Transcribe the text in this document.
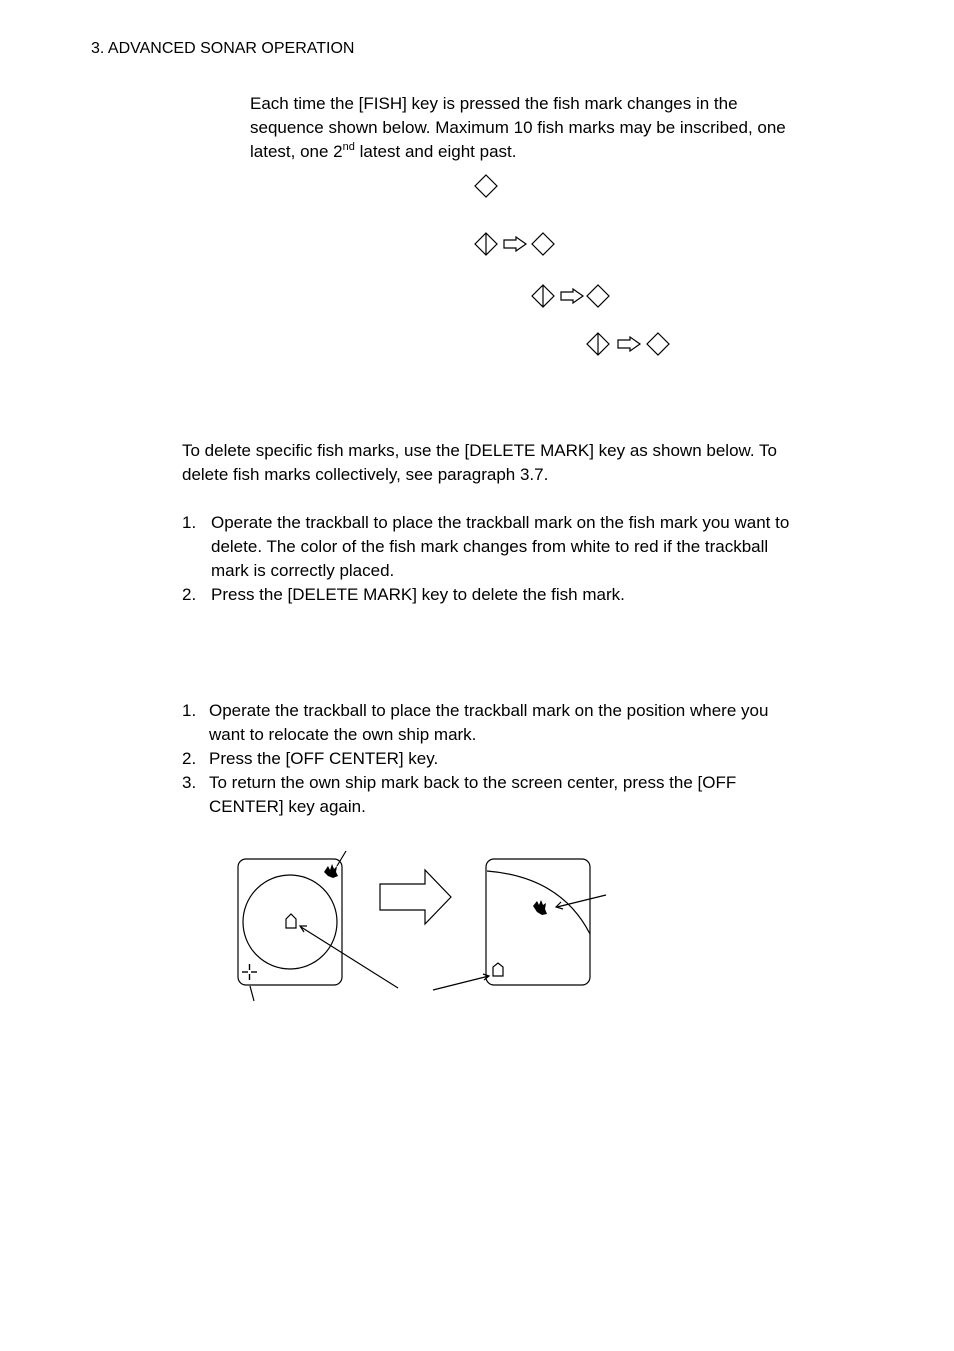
3. ADVANCED SONAR OPERATION

Each time the [FISH] key is pressed the fish mark changes in the

sequence shown below. Maximum 10 fish marks may be inscribed, one

latest, one 2nd latest and eight past.

To delete specific fish marks, use the [DELETE MARK] key as shown below. To

delete fish marks collectively, see paragraph 3.7.

1. Operate the trackball to place the trackball mark on the fish mark you want to
delete. The color of the fish mark changes from white to red if the trackball
mark is correctly placed.
2. Press the [DELETE MARK] key to delete the fish mark.
1. Operate the trackball to place the trackball mark on the position where you
want to relocate the own ship mark.
2. Press the [OFF CENTER] key.
3. To return the own ship mark back to the screen center, press the [OFF
CENTER] key again.
